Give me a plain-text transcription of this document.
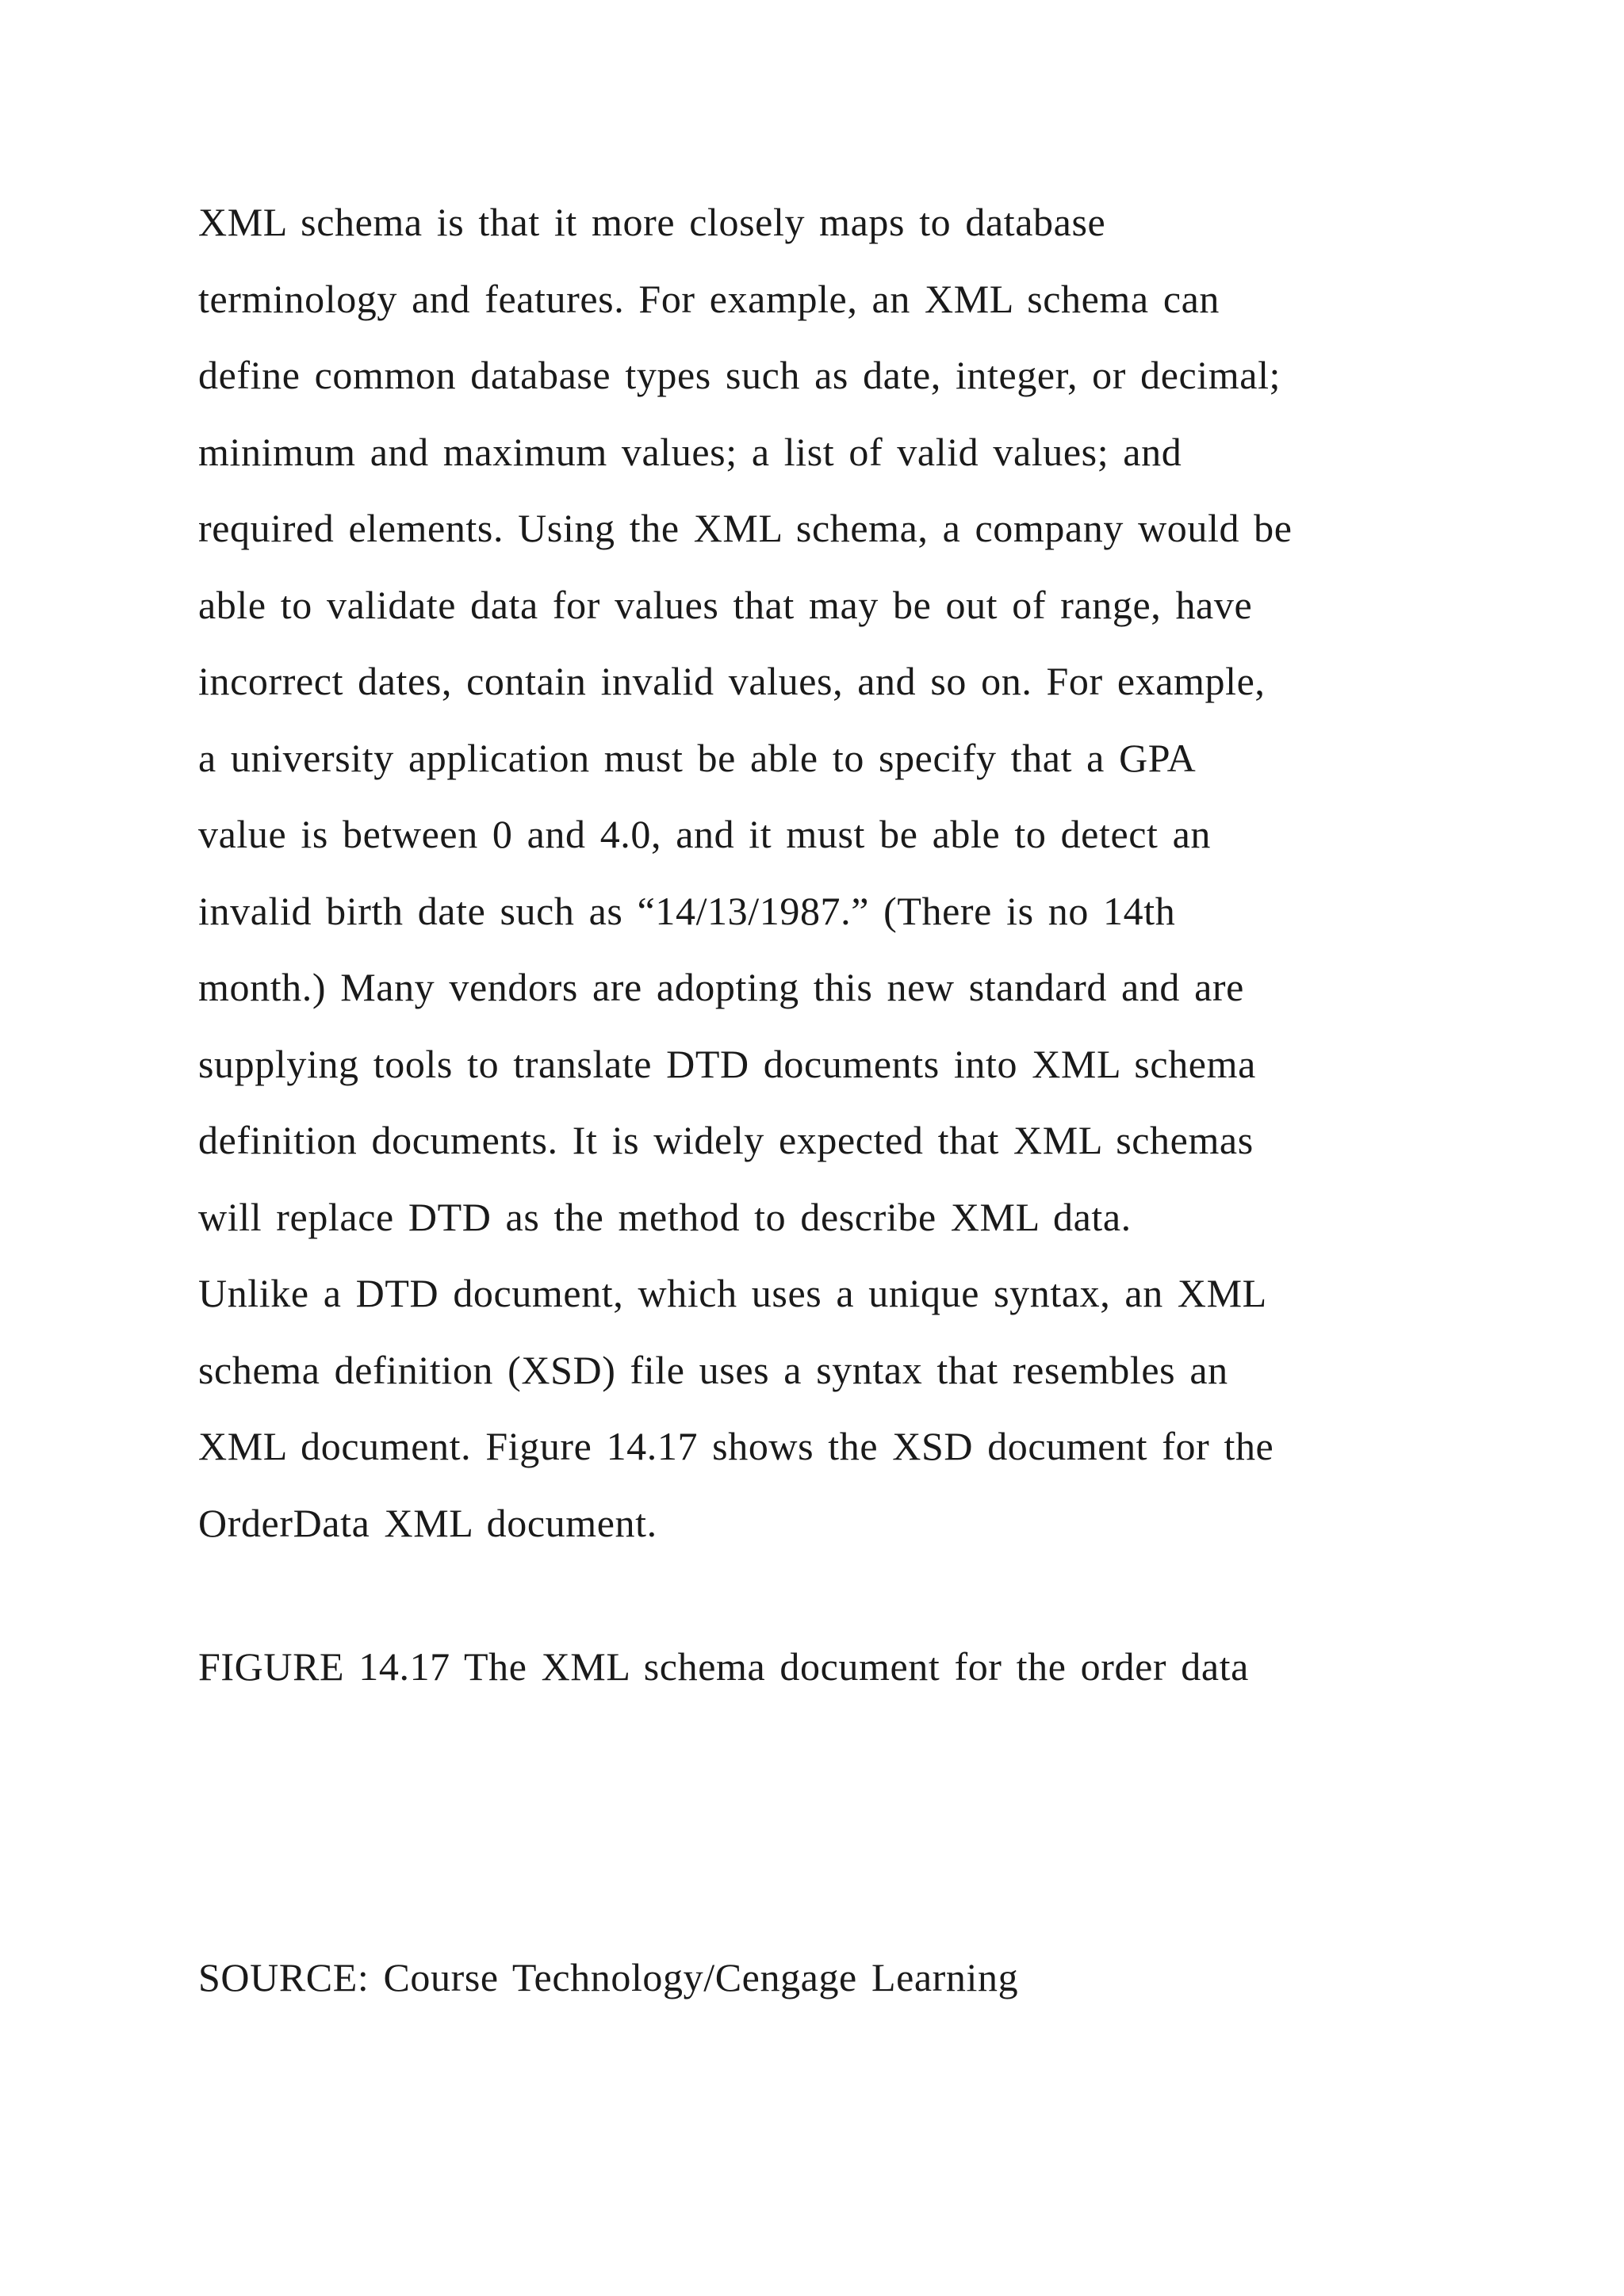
XML schema is that it more closely maps to database
terminology and features. For example, an XML schema can
define common database types such as date, integer, or decimal;
minimum and maximum values; a list of valid values; and
required elements. Using the XML schema, a company would be
able to validate data for values that may be out of range, have
incorrect dates, contain invalid values, and so on. For example,
a university application must be able to specify that a GPA
value is between 0 and 4.0, and it must be able to detect an
invalid birth date such as “14/13/1987.” (There is no 14th
month.) Many vendors are adopting this new standard and are
supplying tools to translate DTD documents into XML schema
definition documents. It is widely expected that XML schemas
will replace DTD as the method to describe XML data.
Unlike a DTD document, which uses a unique syntax, an XML
schema definition (XSD) file uses a syntax that resembles an
XML document. Figure 14.17 shows the XSD document for the
OrderData XML document.
FIGURE 14.17 The XML schema document for the order data
SOURCE: Course Technology/Cengage Learning
